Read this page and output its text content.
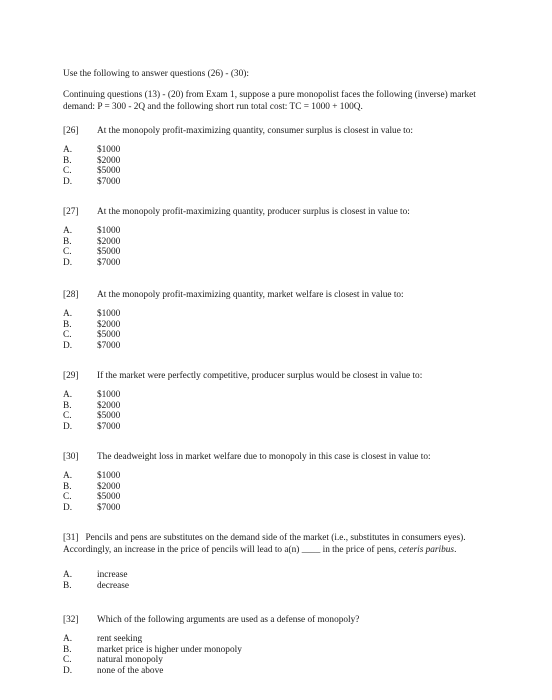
Use the following to answer questions (26) - (30):
Continuing questions (13) - (20) from Exam 1, suppose a pure monopolist faces the following (inverse) market demand: P = 300 - 2Q and the following short run total cost: TC = 1000 + 100Q.
[26]	At the monopoly profit-maximizing quantity, consumer surplus is closest in value to:
A.	$1000
B.	$2000
C.	$5000
D.	$7000
[27]	At the monopoly profit-maximizing quantity, producer surplus is closest in value to:
A.	$1000
B.	$2000
C.	$5000
D.	$7000
[28]	At the monopoly profit-maximizing quantity, market welfare is closest in value to:
A.	$1000
B.	$2000
C.	$5000
D.	$7000
[29]	If the market were perfectly competitive, producer surplus would be closest in value to:
A.	$1000
B.	$2000
C.	$5000
D.	$7000
[30]	The deadweight loss in market welfare due to monopoly in this case is closest in value to:
A.	$1000
B.	$2000
C.	$5000
D.	$7000
[31] Pencils and pens are substitutes on the demand side of the market (i.e., substitutes in consumers eyes). Accordingly, an increase in the price of pencils will lead to a(n) ____ in the price of pens, ceteris paribus.
A.	increase
B.	decrease
[32]	Which of the following arguments are used as a defense of monopoly?
A.	rent seeking
B.	market price is higher under monopoly
C.	natural monopoly
D.	none of the above
